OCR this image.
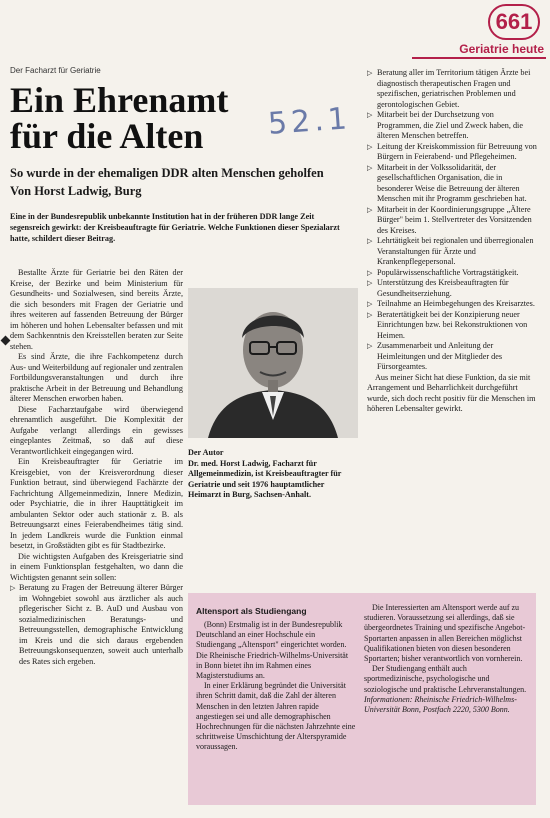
661
Geriatrie heute
Der Facharzt für Geriatrie
Ein Ehrenamt
für die Alten	52.1
So wurde in der ehemaligen DDR alten Menschen geholfen
Von Horst Ladwig, Burg
Eine in der Bundesrepublik unbekannte Institution hat in der früheren DDR lange Zeit segensreich gewirkt: der Kreisbeauftragte für Geriatrie. Welche Funktionen dieser Spezialarzt hatte, schildert dieser Beitrag.

Bestallte Ärzte für Geriatrie bei den Räten der Kreise, der Bezirke und beim Ministerium für Gesundheits- und Sozialwesen, sind bereits Ärzte, die sich besonders mit Fragen der Geriatrie und ihres weiteren auf fassenden Betreuung der Bürger im höheren und hohen Lebensalter befassen und mit dem Sachkenntnis den Kreisstellen beraten zur Seite stehen.

Es sind Ärzte, die ihre Fachkompetenz durch Aus- und Weiterbildung auf regionaler und zentralen Fortbildungsveranstaltungen und durch ihre praktische Arbeit in der Betreuung und Behandlung älterer Menschen erworben haben.

Diese Facharztaufgabe wird überwiegend ehrenamtlich ausgeführt. Die Komplexität der Aufgabe verlangt allerdings ein gewisses eingeplantes Zeitmaß, so daß auf diese Verantwortlichkeit eingegangen wird.

Ein Kreisbeauftragter für Geriatrie im Kreisgebiet, von der Kreisverordnung dieser Funktion betraut, sind überwiegend Fachärzte der Fachrichtung Allgemeinmedizin, Innere Medizin, oder Psychiatrie, die in ihrer Haupttätigkeit im ambulanten Sektor oder auch stationär z. B. als Betreuungsarzt eines Feierabendheimes tätig sind. In jedem Landkreis wurde die Funktion einmal besetzt, in Großstädten gibt es für Stadtbezirke.

Die wichtigsten Aufgaben des Kreisgeriatrie sind in einem Funktionsplan festgehalten, wo dann die Wichtigsten genannt sein sollen:

▷ Beratung zu Fragen der Betreuung älterer Bürger im Wohngebiet sowohl aus ärztlicher als auch pflegerischer Sicht z. B. AuD und Ausbau von sozialmedizinischen Beratungs- und Betreuungsstellen, demographische Entwicklung im Kreis und die sich daraus ergebenden Betreuungskonsequenzen, soweit auch unterhalb des Rates sich ergeben.

Der Autor
Dr. med. Horst Ladwig, Facharzt für Allgemeinmedizin, ist Kreisbeauftragter für Geriatrie und seit 1976 hauptamtlicher Heimarzt in Burg, Sachsen-Anhalt.

▷ Beratung aller im Territorium tätigen Ärzte bei diagnostisch therapeutischen Fragen und spezifischen, geriatrischen Problemen und gerontologischen Gebiet.

▷ Mitarbeit bei der Durchsetzung von Programmen, die Ziel und Zweck haben, die älteren Menschen betreffen.

▷ Leitung der Kreiskommission für Betreuung von Bürgern in Feierabend- und Pflegeheimen.

▷ Mitarbeit in der Volkssolidarität, der gesellschaftlichen Organisation, die in besonderer Weise die Betreuung der älteren Menschen mit ihr Programm geschrieben hat.

▷ Mitarbeit in der Koordinierungsgruppe „Ältere Bürger" beim 1. Stellvertreter des Vorsitzenden des Kreises.

▷ Lehrtätigkeit bei regionalen und überregionalen Veranstaltungen für Ärzte und Krankenpflegepersonal.

▷ Populärwissenschaftliche Vortragstätigkeit.

▷ Unterstützung des Kreisbeauftragten für Gesundheitserziehung.

▷ Teilnahme an Heimbegehungen des Kreisarztes.

▷ Beratertätigkeit bei der Konzipierung neuer Einrichtungen bzw. bei Rekonstruktionen von Heimen.

▷ Zusammenarbeit und Anleitung der Heimleitungen und der Mitglieder des Fürsorgeamtes.

Aus meiner Sicht hat diese Funktion, da sie mit Arrangement und Beharrlichkeit durchgeführt wurde, sich doch recht positiv für die Menschen im höheren Lebensalter gewirkt.

Altensport als Studiengang

(Bonn) Erstmalig ist in der Bundesrepublik Deutschland an einer Hochschule ein Studiengang „Altensport" eingerichtet worden. Die Rheinische Friedrich-Wilhelms-Universität in Bonn bietet ihn im Rahmen eines Magisterstudiums an.

In einer Erklärung begründet die Universität ihren Schritt damit, daß die Zahl der älteren Menschen in den letzten Jahren rapide angestiegen sei und alle demographischen Hochrechnungen für die nächsten Jahrzehnte eine schrittweise Umschichtung der Alterspyramide voraussagen.

Die Interessierten am Altensport werde auf zu studieren. Voraussetzung sei allerdings, daß sie übergeordnetes Training und spezifische Angebot-Sportarten anpassen in allen Bereichen möglichst Qualifikationen bieten von diesen besonderen Sportarten; bisher verantwortlich von vornherein.

Der Studiengang enthält auch sportmedizinische, psychologische und soziologische und praktische Lehrveranstaltungen.

Informationen: Rheinische Friedrich-Wilhelms-Universität Bonn, Postfach 2220, 5300 Bonn.
